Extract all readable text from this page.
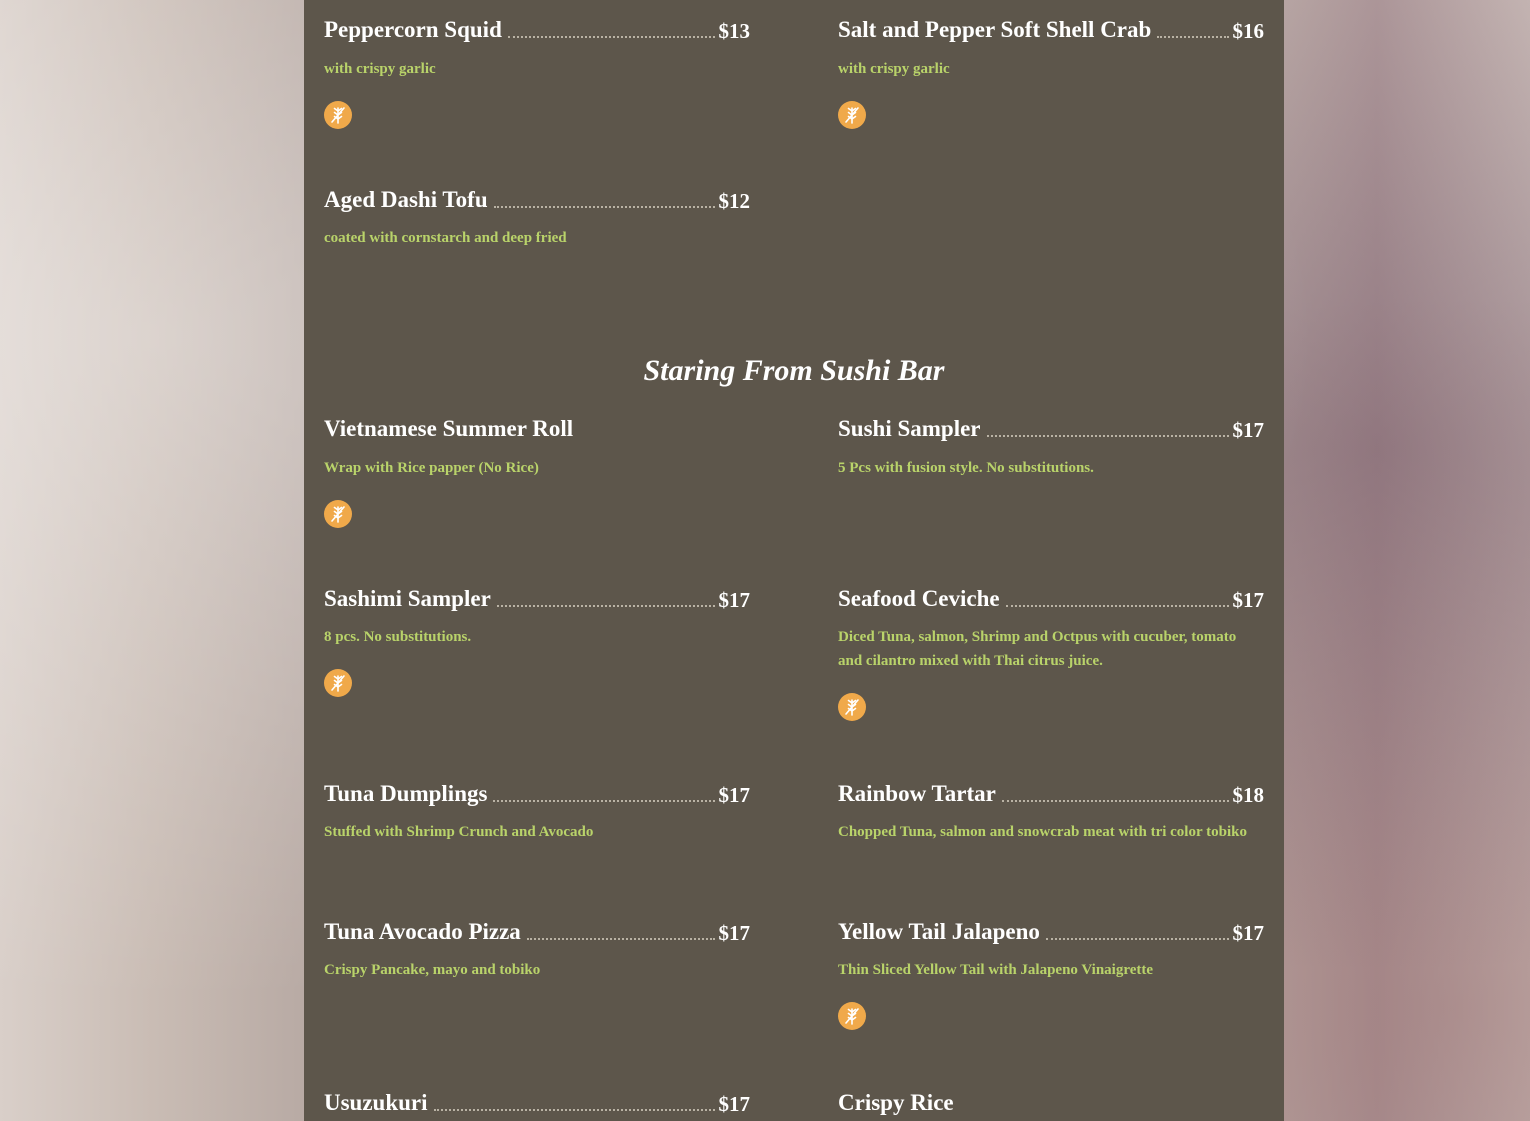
Peppercorn Squid	$13
with crispy garlic
Salt and Pepper Soft Shell Crab	$16
with crispy garlic
Aged Dashi Tofu	$12
coated with cornstarch and deep fried
Staring From Sushi Bar
Vietnamese Summer Roll
Wrap with Rice papper (No Rice)
Sushi Sampler	$17
5 Pcs with fusion style. No substitutions.
Sashimi Sampler	$17
8 pcs. No substitutions.
Seafood Ceviche	$17
Diced Tuna, salmon, Shrimp and Octpus with cucuber, tomato and cilantro mixed with Thai citrus juice.
Tuna Dumplings	$17
Stuffed with Shrimp Crunch and Avocado
Rainbow Tartar	$18
Chopped Tuna, salmon and snowcrab meat with tri color tobiko
Tuna Avocado Pizza	$17
Crispy Pancake, mayo and tobiko
Yellow Tail Jalapeno	$17
Thin Sliced Yellow Tail with Jalapeno Vinaigrette
Usuzukuri	$17	Crispy Rice
